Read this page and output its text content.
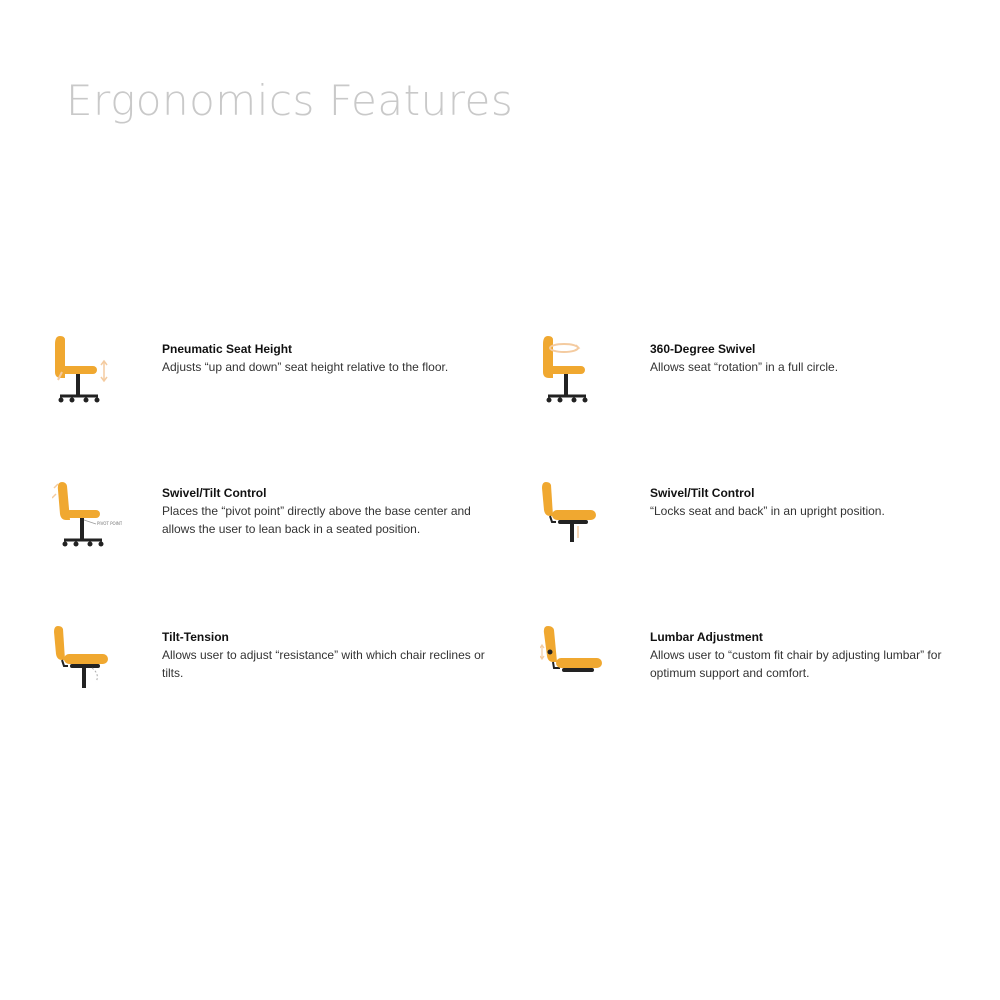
Ergonomics Features

Pneumatic Seat Height

Adjusts “up and down” seat height relative to the floor.

360-Degree Swivel

Allows seat “rotation” in a full circle.

PIVOT POINT

Swivel/Tilt Control

Places the “pivot point” directly above the base center and allows the user to lean back in a seated position.

Swivel/Tilt Control

“Locks seat and back” in an upright position.

Tilt-Tension

Allows user to adjust “resistance” with which chair reclines or tilts.

Lumbar Adjustment

Allows user to “custom fit chair by adjusting lumbar” for optimum support and comfort.
